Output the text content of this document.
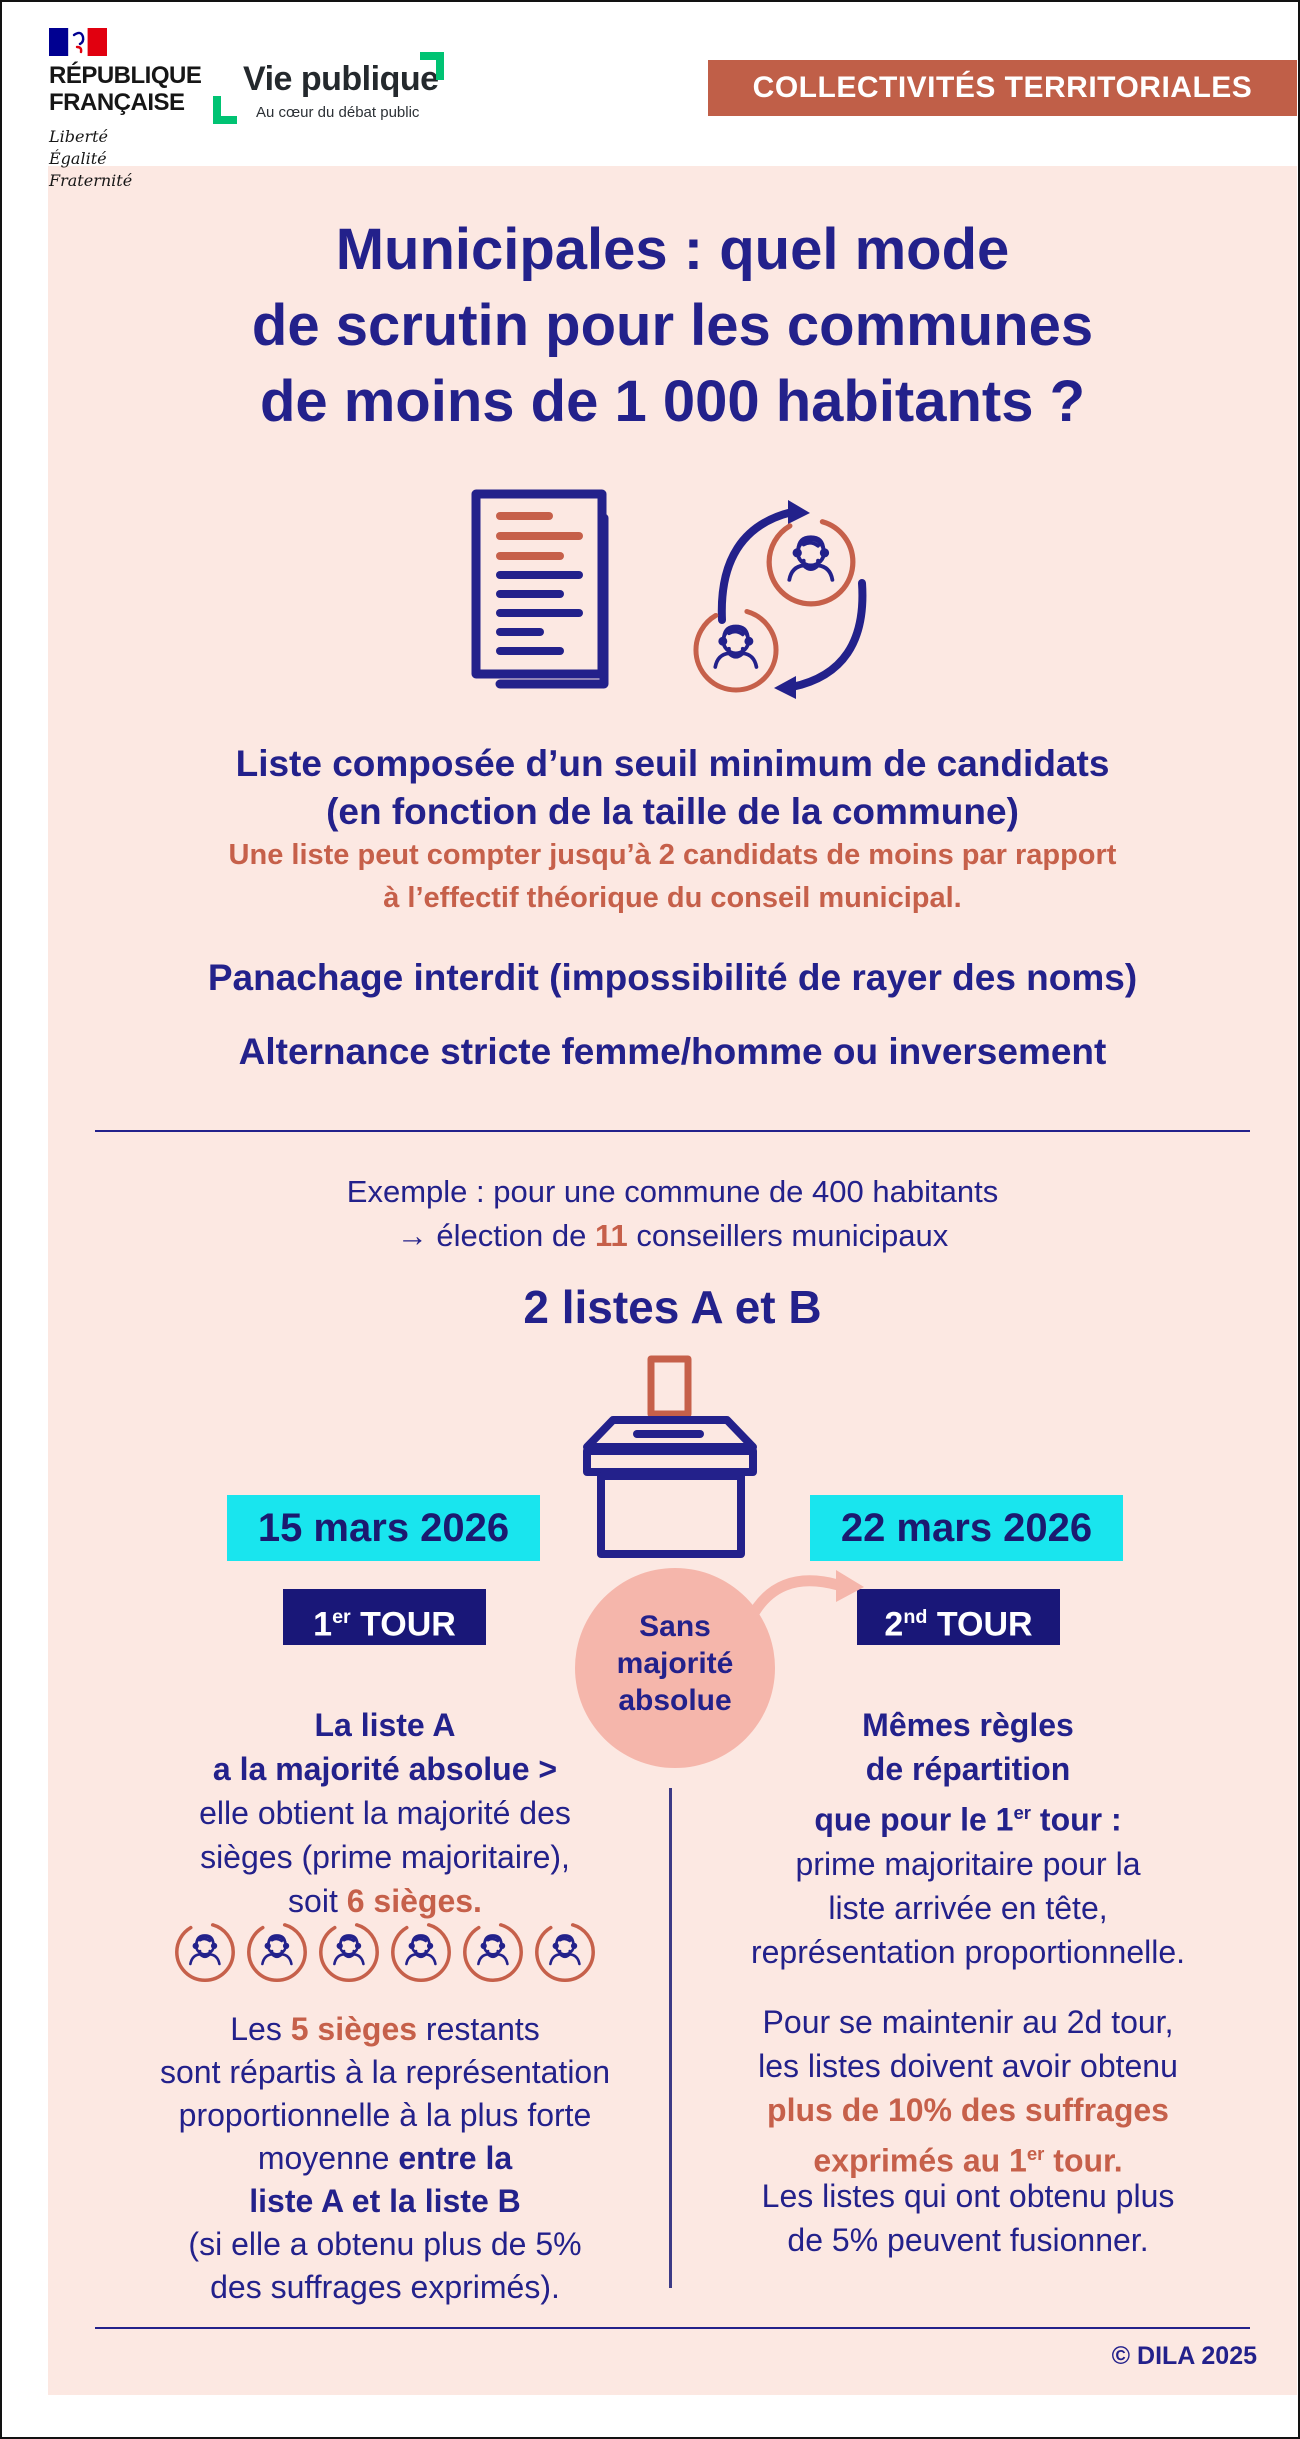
RÉPUBLIQUE
FRANÇAISE
Liberté
Égalité
Fraternité
Vie publique
Au cœur du débat public
COLLECTIVITÉS TERRITORIALES
Municipales : quel mode
de scrutin pour les communes
de moins de 1 000 habitants ?
Liste composée d’un seuil minimum de candidats
(en fonction de la taille de la commune)
Une liste peut compter jusqu’à 2 candidats de moins par rapport
à l’effectif théorique du conseil municipal.
Panachage interdit (impossibilité de rayer des noms)
Alternance stricte femme/homme ou inversement
Exemple : pour une commune de 400 habitants
→ élection de 11 conseillers municipaux
2 listes A et B
15 mars 2026	22 mars 2026
1er TOUR	2nd TOUR
Sans
majorité
absolue
La liste A
a la majorité absolue >
elle obtient la majorité des
sièges (prime majoritaire),
soit 6 sièges.
Les 5 sièges restants
sont répartis à la représentation
proportionnelle à la plus forte
moyenne entre la
liste A et la liste B
(si elle a obtenu plus de 5%
des suffrages exprimés).
Mêmes règles
de répartition
que pour le 1er tour :
prime majoritaire pour la
liste arrivée en tête,
représentation proportionnelle.
Pour se maintenir au 2d tour,
les listes doivent avoir obtenu
plus de 10% des suffrages
exprimés au 1er tour.
Les listes qui ont obtenu plus
de 5% peuvent fusionner.
© DILA 2025
